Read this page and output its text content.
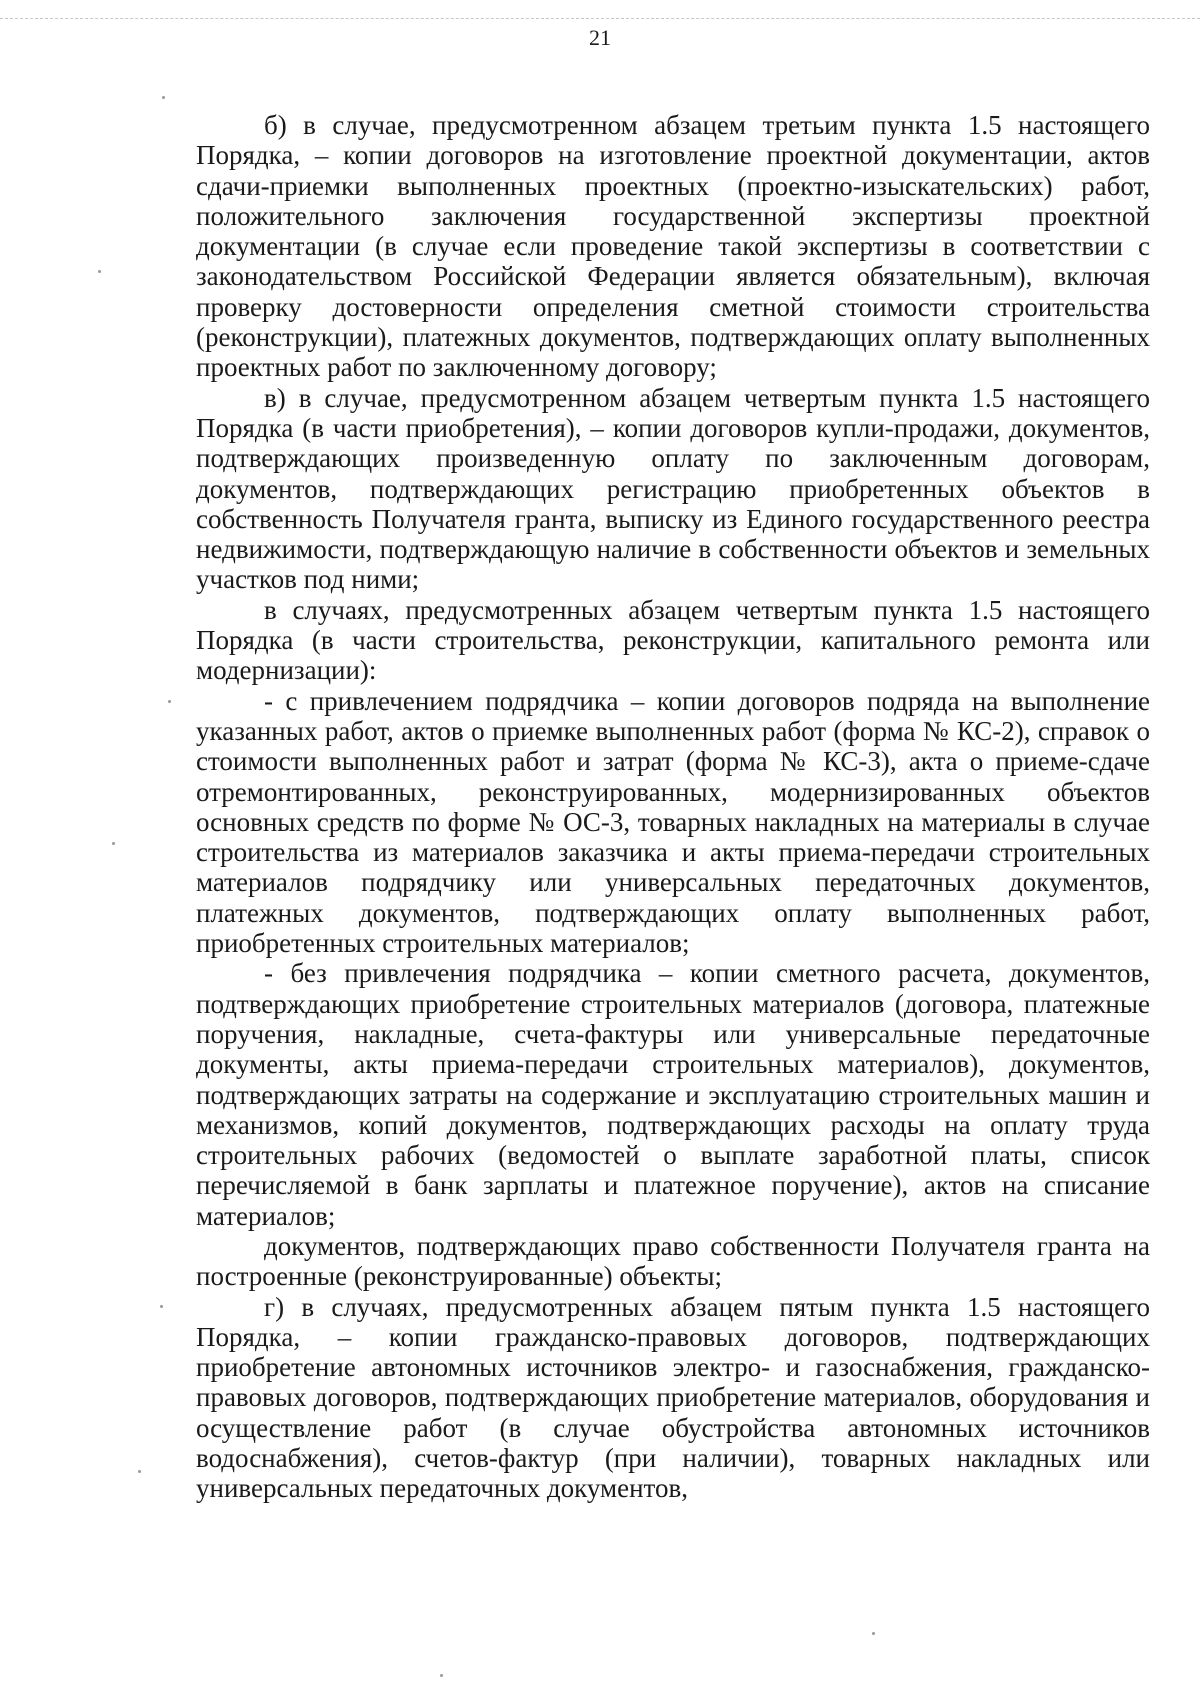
21

б) в случае, предусмотренном абзацем третьим пункта 1.5 настоящего Порядка, – копии договоров на изготовление проектной документации, актов сдачи-приемки выполненных проектных (проектно-изыскательских) работ, положительного заключения государственной экспертизы проектной документации (в случае если проведение такой экспертизы в соответствии с законодательством Российской Федерации является обязательным), включая проверку достоверности определения сметной стоимости строительства (реконструкции), платежных документов, подтверждающих оплату выполненных проектных работ по заключенному договору;

в) в случае, предусмотренном абзацем четвертым пункта 1.5 настоящего Порядка (в части приобретения), – копии договоров купли-продажи, документов, подтверждающих произведенную оплату по заключенным договорам, документов, подтверждающих регистрацию приобретенных объектов в собственность Получателя гранта, выписку из Единого государственного реестра недвижимости, подтверждающую наличие в собственности объектов и земельных участков под ними;

в случаях, предусмотренных абзацем четвертым пункта 1.5 настоящего Порядка (в части строительства, реконструкции, капитального ремонта или модернизации):

- с привлечением подрядчика – копии договоров подряда на выполнение указанных работ, актов о приемке выполненных работ (форма № КС-2), справок о стоимости выполненных работ и затрат (форма № КС-3), акта о приеме-сдаче отремонтированных, реконструированных, модернизированных объектов основных средств по форме № ОС-3, товарных накладных на материалы в случае строительства из материалов заказчика и акты приема-передачи строительных материалов подрядчику или универсальных передаточных документов, платежных документов, подтверждающих оплату выполненных работ, приобретенных строительных материалов;

- без привлечения подрядчика – копии сметного расчета, документов, подтверждающих приобретение строительных материалов (договора, платежные поручения, накладные, счета-фактуры или универсальные передаточные документы, акты приема-передачи строительных материалов), документов, подтверждающих затраты на содержание и эксплуатацию строительных машин и механизмов, копий документов, подтверждающих расходы на оплату труда строительных рабочих (ведомостей о выплате заработной платы, список перечисляемой в банк зарплаты и платежное поручение), актов на списание материалов;

документов, подтверждающих право собственности Получателя гранта на построенные (реконструированные) объекты;

г) в случаях, предусмотренных абзацем пятым пункта 1.5 настоящего Порядка, – копии гражданско-правовых договоров, подтверждающих приобретение автономных источников электро- и газоснабжения, гражданско-правовых договоров, подтверждающих приобретение материалов, оборудования и осуществление работ (в случае обустройства автономных источников водоснабжения), счетов-фактур (при наличии), товарных накладных или универсальных передаточных документов,
